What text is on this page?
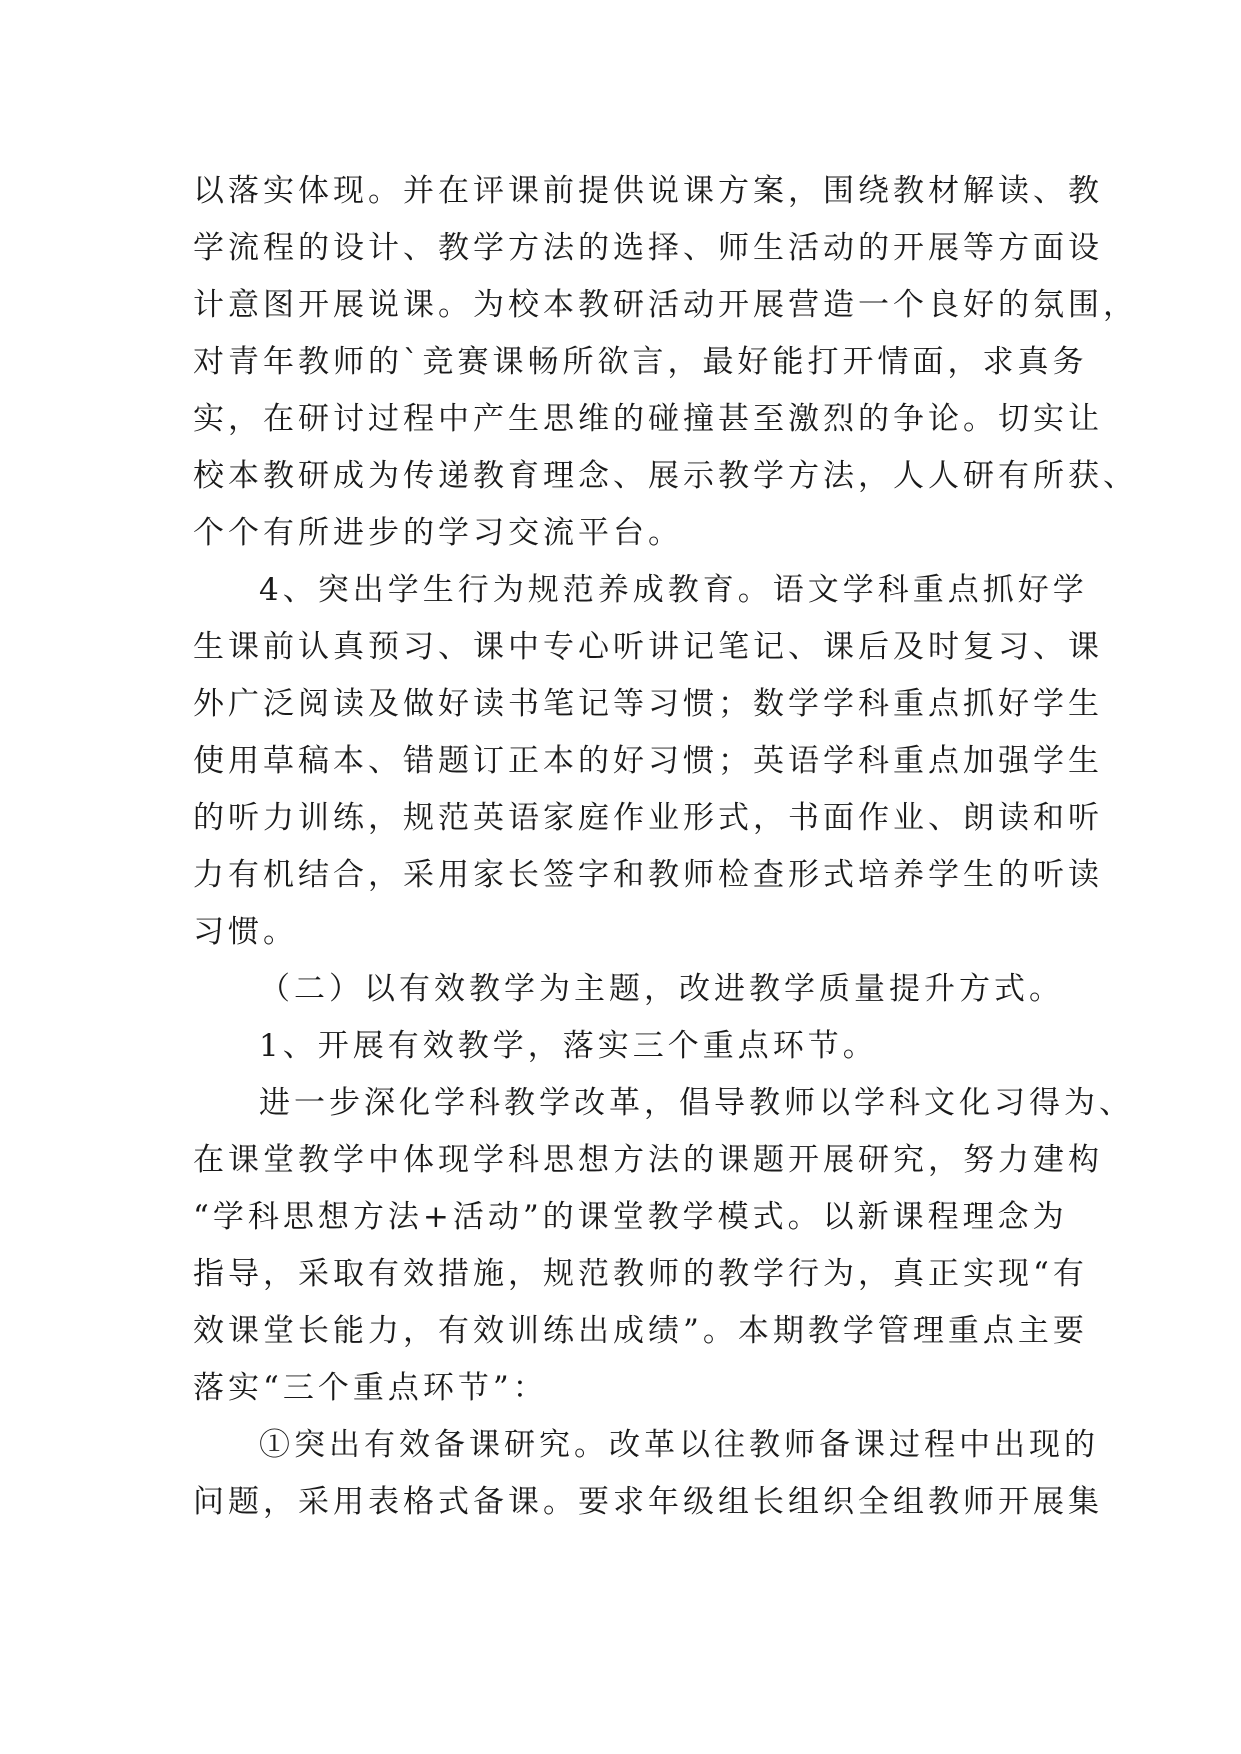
以落实体现。并在评课前提供说课方案，围绕教材解读、教
学流程的设计、教学方法的选择、师生活动的开展等方面设
计意图开展说课。为校本教研活动开展营造一个良好的氛围，
对青年教师的`竞赛课畅所欲言，最好能打开情面，求真务
实，在研讨过程中产生思维的碰撞甚至激烈的争论。切实让
校本教研成为传递教育理念、展示教学方法，人人研有所获、
个个有所进步的学习交流平台。
4、突出学生行为规范养成教育。语文学科重点抓好学
生课前认真预习、课中专心听讲记笔记、课后及时复习、课
外广泛阅读及做好读书笔记等习惯；数学学科重点抓好学生
使用草稿本、错题订正本的好习惯；英语学科重点加强学生
的听力训练，规范英语家庭作业形式，书面作业、朗读和听
力有机结合，采用家长签字和教师检查形式培养学生的听读
习惯。
（二）以有效教学为主题，改进教学质量提升方式。
1、开展有效教学，落实三个重点环节。
进一步深化学科教学改革，倡导教师以学科文化习得为、
在课堂教学中体现学科思想方法的课题开展研究，努力建构
“学科思想方法+活动”的课堂教学模式。以新课程理念为
指导，采取有效措施，规范教师的教学行为，真正实现“有
效课堂长能力，有效训练出成绩”。本期教学管理重点主要
落实“三个重点环节”：
①突出有效备课研究。改革以往教师备课过程中出现的
问题，采用表格式备课。要求年级组长组织全组教师开展集
